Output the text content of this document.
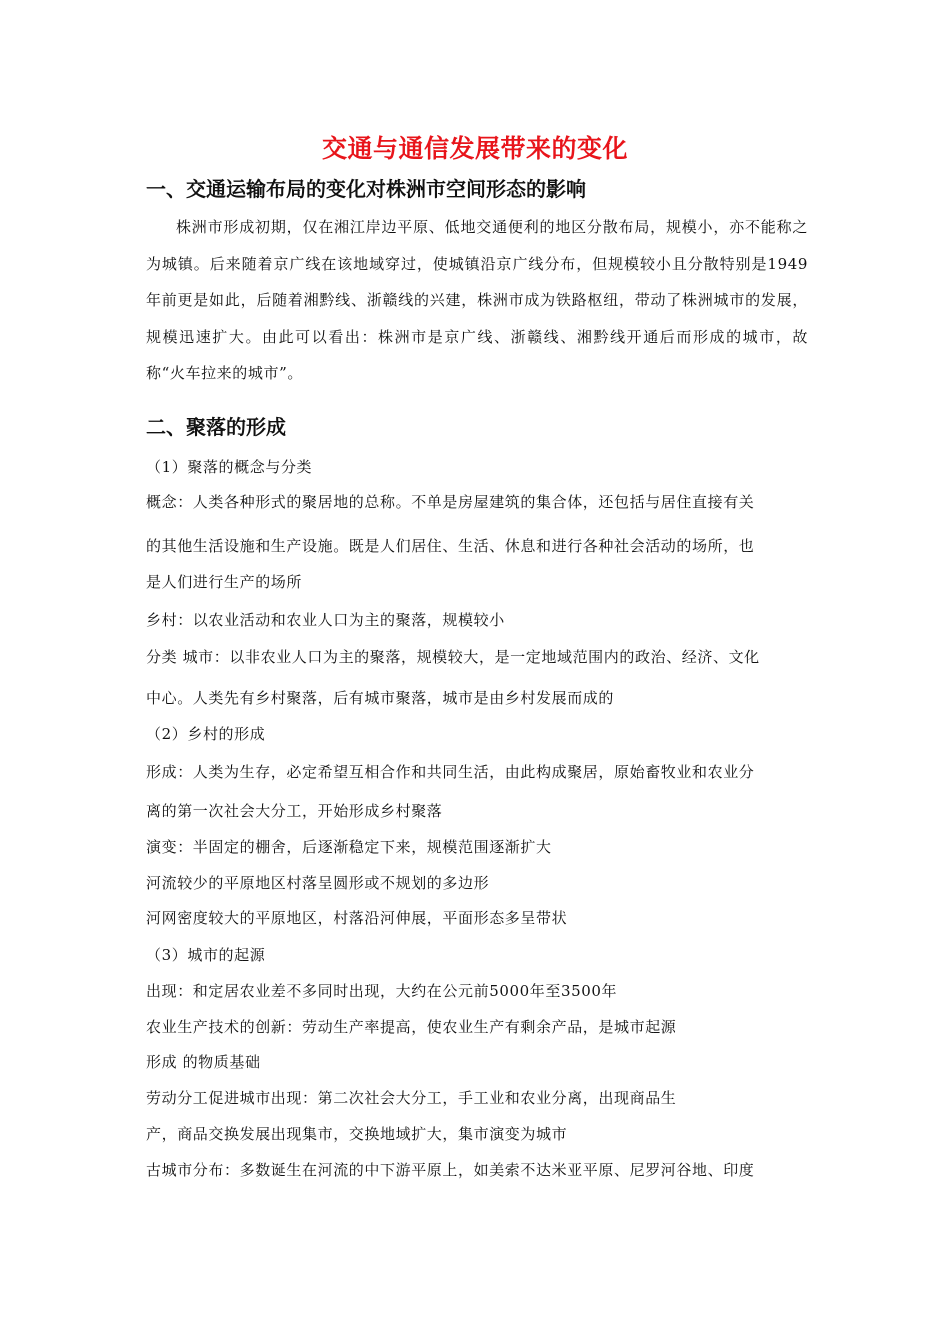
交通与通信发展带来的变化
一、交通运输布局的变化对株洲市空间形态的影响
株洲市形成初期，仅在湘江岸边平原、低地交通便利的地区分散布局，规模小，亦不能称之为城镇。后来随着京广线在该地域穿过，使城镇沿京广线分布，但规模较小且分散特别是1949年前更是如此，后随着湘黔线、浙赣线的兴建，株洲市成为铁路枢纽，带动了株洲城市的发展，规模迅速扩大。由此可以看出：株洲市是京广线、浙赣线、湘黔线开通后而形成的城市，故称“火车拉来的城市”。
二、聚落的形成
（1）聚落的概念与分类
概念：人类各种形式的聚居地的总称。不单是房屋建筑的集合体，还包括与居住直接有关
的其他生活设施和生产设施。既是人们居住、生活、休息和进行各种社会活动的场所，也
是人们进行生产的场所
乡村：以农业活动和农业人口为主的聚落，规模较小
分类 城市：以非农业人口为主的聚落，规模较大，是一定地域范围内的政治、经济、文化
中心。人类先有乡村聚落，后有城市聚落，城市是由乡村发展而成的
（2）乡村的形成
形成：人类为生存，必定希望互相合作和共同生活，由此构成聚居，原始畜牧业和农业分
离的第一次社会大分工，开始形成乡村聚落
演变：半固定的棚舍，后逐渐稳定下来，规模范围逐渐扩大
河流较少的平原地区村落呈圆形或不规划的多边形
河网密度较大的平原地区，村落沿河伸展，平面形态多呈带状
（3）城市的起源
出现：和定居农业差不多同时出现，大约在公元前5000年至3500年
农业生产技术的创新：劳动生产率提高，使农业生产有剩余产品，是城市起源
形成 的物质基础
劳动分工促进城市出现：第二次社会大分工，手工业和农业分离，出现商品生
产，商品交换发展出现集市，交换地域扩大，集市演变为城市
古城市分布：多数诞生在河流的中下游平原上，如美索不达米亚平原、尼罗河谷地、印度
